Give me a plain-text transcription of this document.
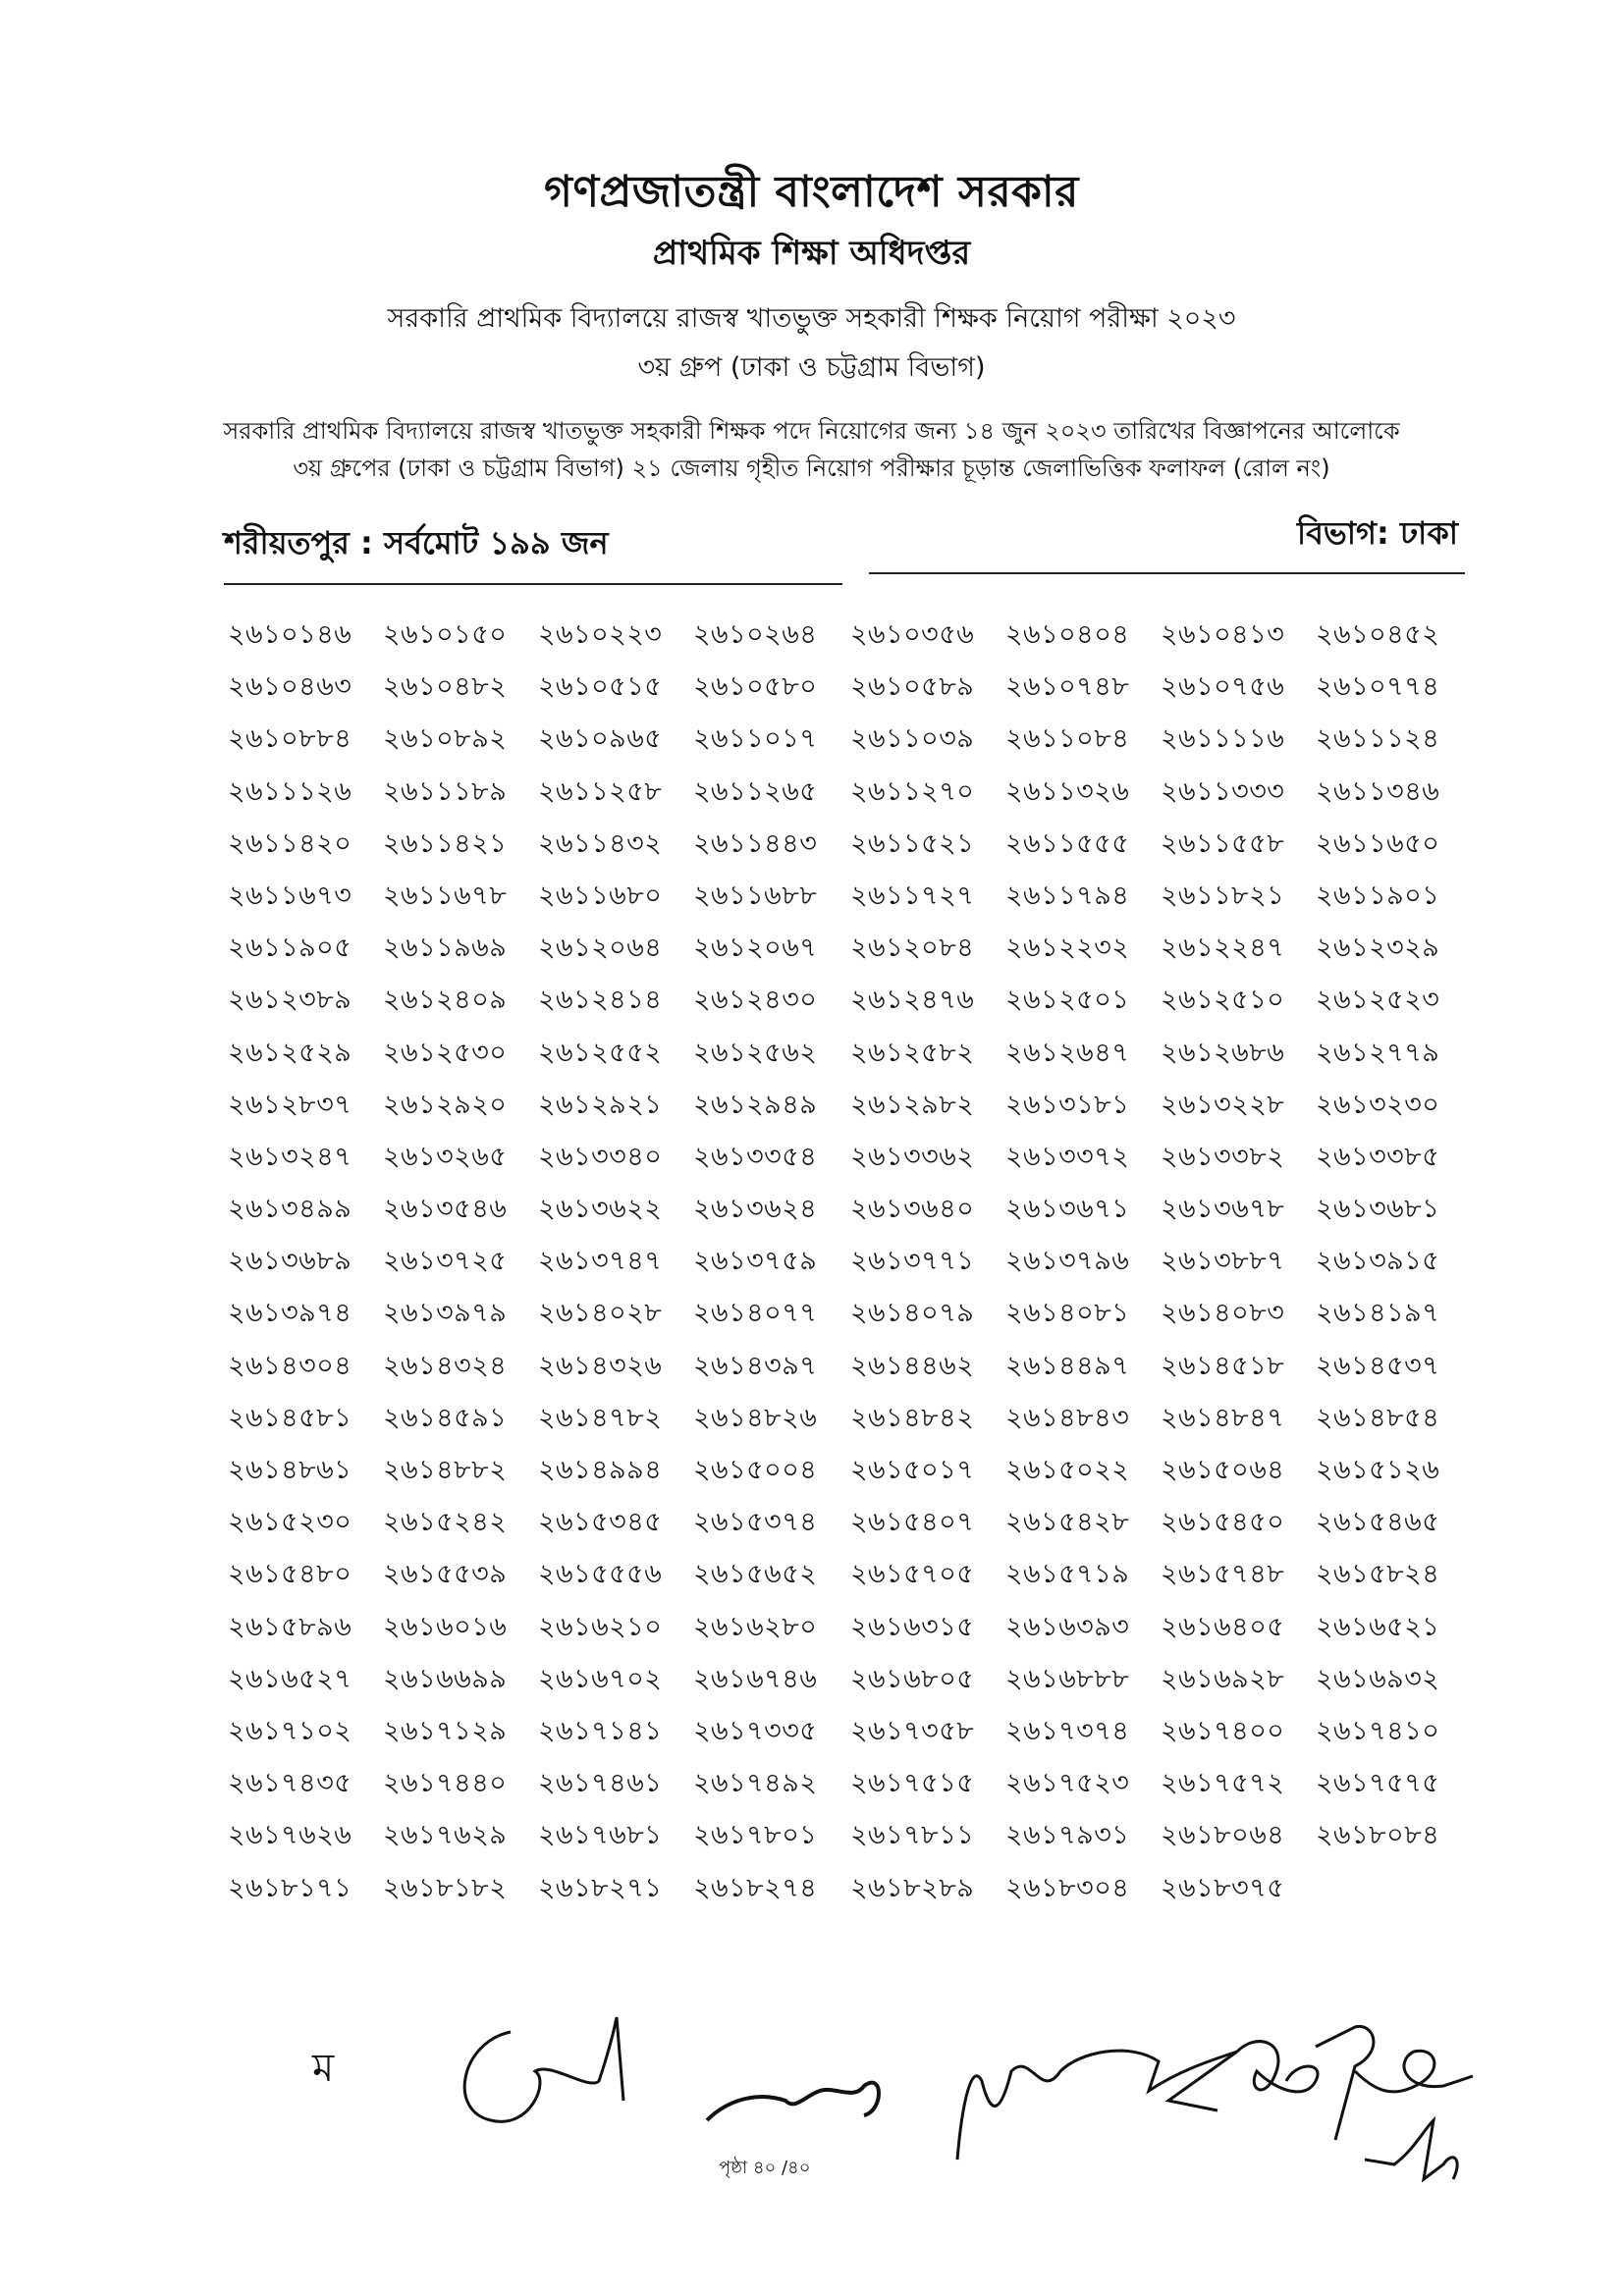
গণপ্রজাতন্ত্রী বাংলাদেশ সরকার
প্রাথমিক শিক্ষা অধিদপ্তর
সরকারি প্রাথমিক বিদ্যালয়ে রাজস্ব খাতভুক্ত সহকারী শিক্ষক নিয়োগ পরীক্ষা ২০২৩
৩য় গ্রুপ (ঢাকা ও চট্টগ্রাম বিভাগ)
সরকারি প্রাথমিক বিদ্যালয়ে রাজস্ব খাতভুক্ত সহকারী শিক্ষক পদে নিয়োগের জন্য ১৪ জুন ২০২৩ তারিখের বিজ্ঞাপনের আলোকে
৩য় গ্রুপের (ঢাকা ও চট্টগ্রাম বিভাগ) ২১ জেলায় গৃহীত নিয়োগ পরীক্ষার চূড়ান্ত জেলাভিত্তিক ফলাফল (রোল নং)
শরীয়তপুর : সর্বমোট ১৯৯ জন	বিভাগ: ঢাকা
২৬১০১৪৬ ২৬১০১৫০ ২৬১০২২৩ ২৬১০২৬৪ ২৬১০৩৫৬ ২৬১০৪০৪ ২৬১০৪১৩ ২৬১০৪৫২
২৬১০৪৬৩ ২৬১০৪৮২ ২৬১০৫১৫ ২৬১০৫৮০ ২৬১০৫৮৯ ২৬১০৭৪৮ ২৬১০৭৫৬ ২৬১০৭৭৪
২৬১০৮৮৪ ২৬১০৮৯২ ২৬১০৯৬৫ ২৬১১০১৭ ২৬১১০৩৯ ২৬১১০৮৪ ২৬১১১১৬ ২৬১১১২৪
২৬১১১২৬ ২৬১১১৮৯ ২৬১১২৫৮ ২৬১১২৬৫ ২৬১১২৭০ ২৬১১৩২৬ ২৬১১৩৩৩ ২৬১১৩৪৬
২৬১১৪২০ ২৬১১৪২১ ২৬১১৪৩২ ২৬১১৪৪৩ ২৬১১৫২১ ২৬১১৫৫৫ ২৬১১৫৫৮ ২৬১১৬৫০
২৬১১৬৭৩ ২৬১১৬৭৮ ২৬১১৬৮০ ২৬১১৬৮৮ ২৬১১৭২৭ ২৬১১৭৯৪ ২৬১১৮২১ ২৬১১৯০১
২৬১১৯০৫ ২৬১১৯৬৯ ২৬১২০৬৪ ২৬১২০৬৭ ২৬১২০৮৪ ২৬১২২৩২ ২৬১২২৪৭ ২৬১২৩২৯
২৬১২৩৮৯ ২৬১২৪০৯ ২৬১২৪১৪ ২৬১২৪৩০ ২৬১২৪৭৬ ২৬১২৫০১ ২৬১২৫১০ ২৬১২৫২৩
২৬১২৫২৯ ২৬১২৫৩০ ২৬১২৫৫২ ২৬১২৫৬২ ২৬১২৫৮২ ২৬১২৬৪৭ ২৬১২৬৮৬ ২৬১২৭৭৯
২৬১২৮৩৭ ২৬১২৯২০ ২৬১২৯২১ ২৬১২৯৪৯ ২৬১২৯৮২ ২৬১৩১৮১ ২৬১৩২২৮ ২৬১৩২৩০
২৬১৩২৪৭ ২৬১৩২৬৫ ২৬১৩৩৪০ ২৬১৩৩৫৪ ২৬১৩৩৬২ ২৬১৩৩৭২ ২৬১৩৩৮২ ২৬১৩৩৮৫
২৬১৩৪৯৯ ২৬১৩৫৪৬ ২৬১৩৬২২ ২৬১৩৬২৪ ২৬১৩৬৪০ ২৬১৩৬৭১ ২৬১৩৬৭৮ ২৬১৩৬৮১
২৬১৩৬৮৯ ২৬১৩৭২৫ ২৬১৩৭৪৭ ২৬১৩৭৫৯ ২৬১৩৭৭১ ২৬১৩৭৯৬ ২৬১৩৮৮৭ ২৬১৩৯১৫
২৬১৩৯৭৪ ২৬১৩৯৭৯ ২৬১৪০২৮ ২৬১৪০৭৭ ২৬১৪০৭৯ ২৬১৪০৮১ ২৬১৪০৮৩ ২৬১৪১৯৭
২৬১৪৩০৪ ২৬১৪৩২৪ ২৬১৪৩২৬ ২৬১৪৩৯৭ ২৬১৪৪৬২ ২৬১৪৪৯৭ ২৬১৪৫১৮ ২৬১৪৫৩৭
২৬১৪৫৮১ ২৬১৪৫৯১ ২৬১৪৭৮২ ২৬১৪৮২৬ ২৬১৪৮৪২ ২৬১৪৮৪৩ ২৬১৪৮৪৭ ২৬১৪৮৫৪
২৬১৪৮৬১ ২৬১৪৮৮২ ২৬১৪৯৯৪ ২৬১৫০০৪ ২৬১৫০১৭ ২৬১৫০২২ ২৬১৫০৬৪ ২৬১৫১২৬
২৬১৫২৩০ ২৬১৫২৪২ ২৬১৫৩৪৫ ২৬১৫৩৭৪ ২৬১৫৪০৭ ২৬১৫৪২৮ ২৬১৫৪৫০ ২৬১৫৪৬৫
২৬১৫৪৮০ ২৬১৫৫৩৯ ২৬১৫৫৫৬ ২৬১৫৬৫২ ২৬১৫৭০৫ ২৬১৫৭১৯ ২৬১৫৭৪৮ ২৬১৫৮২৪
২৬১৫৮৯৬ ২৬১৬০১৬ ২৬১৬২১০ ২৬১৬২৮০ ২৬১৬৩১৫ ২৬১৬৩৯৩ ২৬১৬৪০৫ ২৬১৬৫২১
২৬১৬৫২৭ ২৬১৬৬৯৯ ২৬১৬৭০২ ২৬১৬৭৪৬ ২৬১৬৮০৫ ২৬১৬৮৮৮ ২৬১৬৯২৮ ২৬১৬৯৩২
২৬১৭১০২ ২৬১৭১২৯ ২৬১৭১৪১ ২৬১৭৩৩৫ ২৬১৭৩৫৮ ২৬১৭৩৭৪ ২৬১৭৪০০ ২৬১৭৪১০
২৬১৭৪৩৫ ২৬১৭৪৪০ ২৬১৭৪৬১ ২৬১৭৪৯২ ২৬১৭৫১৫ ২৬১৭৫২৩ ২৬১৭৫৭২ ২৬১৭৫৭৫
২৬১৭৬২৬ ২৬১৭৬২৯ ২৬১৭৬৮১ ২৬১৭৮০১ ২৬১৭৮১১ ২৬১৭৯৩১ ২৬১৮০৬৪ ২৬১৮০৮৪
২৬১৮১৭১ ২৬১৮১৮২ ২৬১৮২৭১ ২৬১৮২৭৪ ২৬১৮২৮৯ ২৬১৮৩০৪ ২৬১৮৩৭৫
ম
পৃষ্ঠা ৪০ /৪০
